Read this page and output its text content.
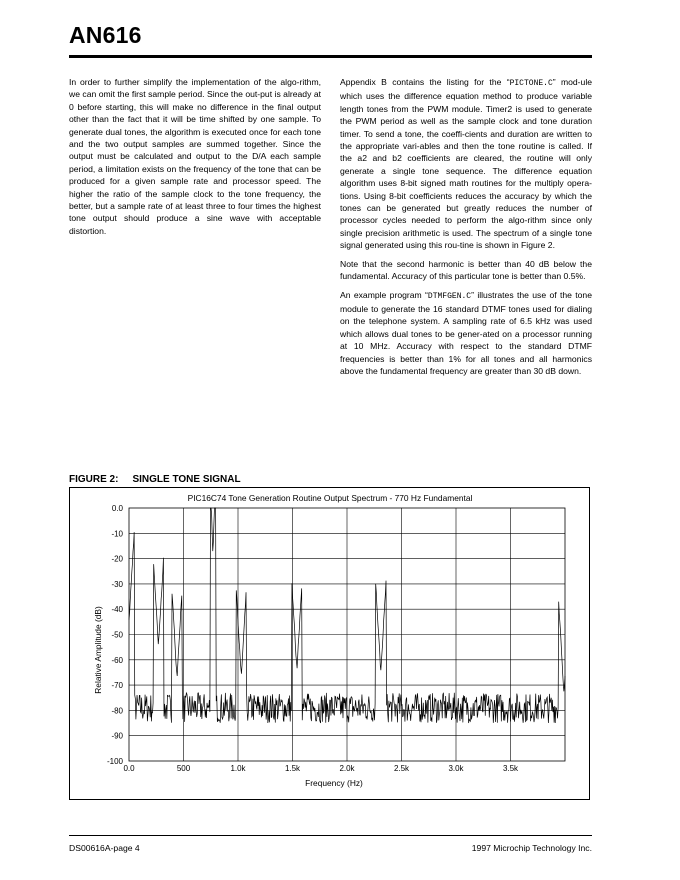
AN616

In order to further simplify the implementation of the algo-rithm, we can omit the first sample period. Since the out-put is already at 0 before starting, this will make no difference in the final output other than the fact that it will be time shifted by one sample. To generate dual tones, the algorithm is executed once for each tone and the two output samples are summed together. Since the output must be calculated and output to the D/A each sample period, a limitation exists on the frequency of the tone that can be produced for a given sample rate and processor speed. The higher the ratio of the sample clock to the tone frequency, the better, but a sample rate of at least three to four times the highest tone output should produce a sine wave with acceptable distortion.

Appendix B contains the listing for the “PICTONE.C” mod-ule which uses the difference equation method to produce variable length tones from the PWM module. Timer2 is used to generate the PWM period as well as the sample clock and tone duration timer. To send a tone, the coeffi-cients and duration are written to the appropriate vari-ables and then the tone routine is called. If the a2 and b2 coefficients are cleared, the routine will only generate a single tone sequence. The difference equation algorithm uses 8-bit signed math routines for the multiply opera-tions. Using 8-bit coefficients reduces the accuracy by which the tones can be generated but greatly reduces the number of processor cycles needed to perform the algo-rithm since only single precision arithmetic is used. The spectrum of a single tone signal generated using this rou-tine is shown in Figure 2.

Note that the second harmonic is better than 40 dB below the fundamental. Accuracy of this particular tone is better than 0.5%.

An example program “DTMFGEN.C” illustrates the use of the tone module to generate the 16 standard DTMF tones used for dialing on the telephone system. A sampling rate of 6.5 kHz was used which allows dual tones to be gener-ated on a processor running at 10 MHz. Accuracy with respect to the standard DTMF frequencies is better than 1% for all tones and all harmonics above the fundamental frequency are greater than 30 dB down.

FIGURE 2: SINGLE TONE SIGNAL
PIC16C74 Tone Generation Routine Output Spectrum - 770 Hz Fundamental
0.0
-10
-20
-30
-40
-50
-60
-70
-80
-90
-100
0.0	500	1.0k	1.5k	2.0k	2.5k	3.0k	3.5k
Relative Amplitude (dB)
Frequency (Hz)
DS00616A-page 4	1997 Microchip Technology Inc.
